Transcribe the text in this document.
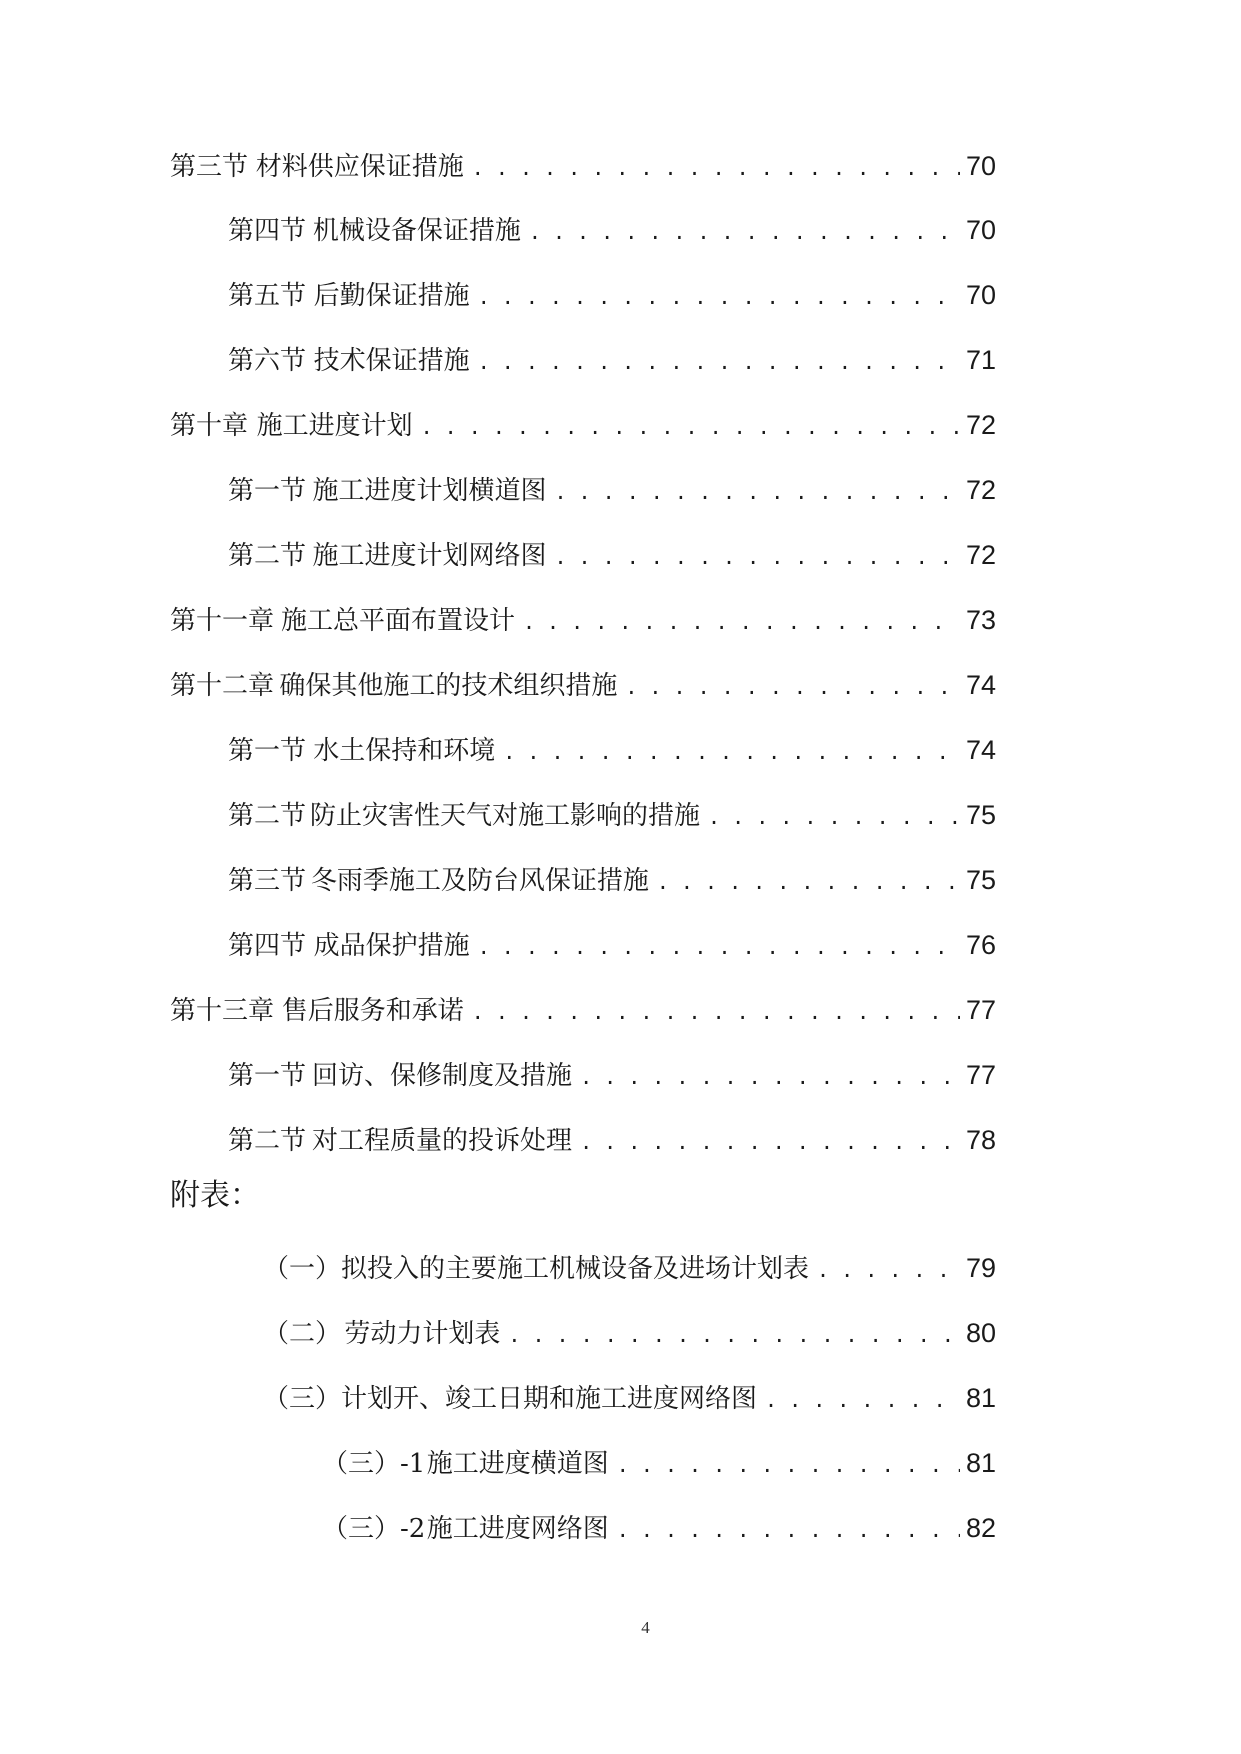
第三节 材料供应保证措施 . . .	70
第四节 机械设备保证措施 . . .	70
第五节 后勤保证措施 . . .	70
第六节 技术保证措施 . . .	71
第十章 施工进度计划 . . .	72
第一节 施工进度计划横道图 . . .	72
第二节 施工进度计划网络图 . . .	72
第十一章 施工总平面布置设计 . . .	73
第十二章 确保其他施工的技术组织措施 . . .	74
第一节 水土保持和环境 . . .	74
第二节 防止灾害性天气对施工影响的措施 . . .	75
第三节 冬雨季施工及防台风保证措施 . . .	75
第四节 成品保护措施 . . .	76
第十三章 售后服务和承诺 . . .	77
第一节 回访、保修制度及措施 . . .	77
第二节 对工程质量的投诉处理 . . .	78
附表：
（一） 拟投入的主要施工机械设备及进场计划表 . . .	79
（二） 劳动力计划表 . . .	80
（三） 计划开、竣工日期和施工进度网络图 . . .	81
（三）-1 施工进度横道图 . . .	81
（三）-2 施工进度网络图 . . .	82
4
